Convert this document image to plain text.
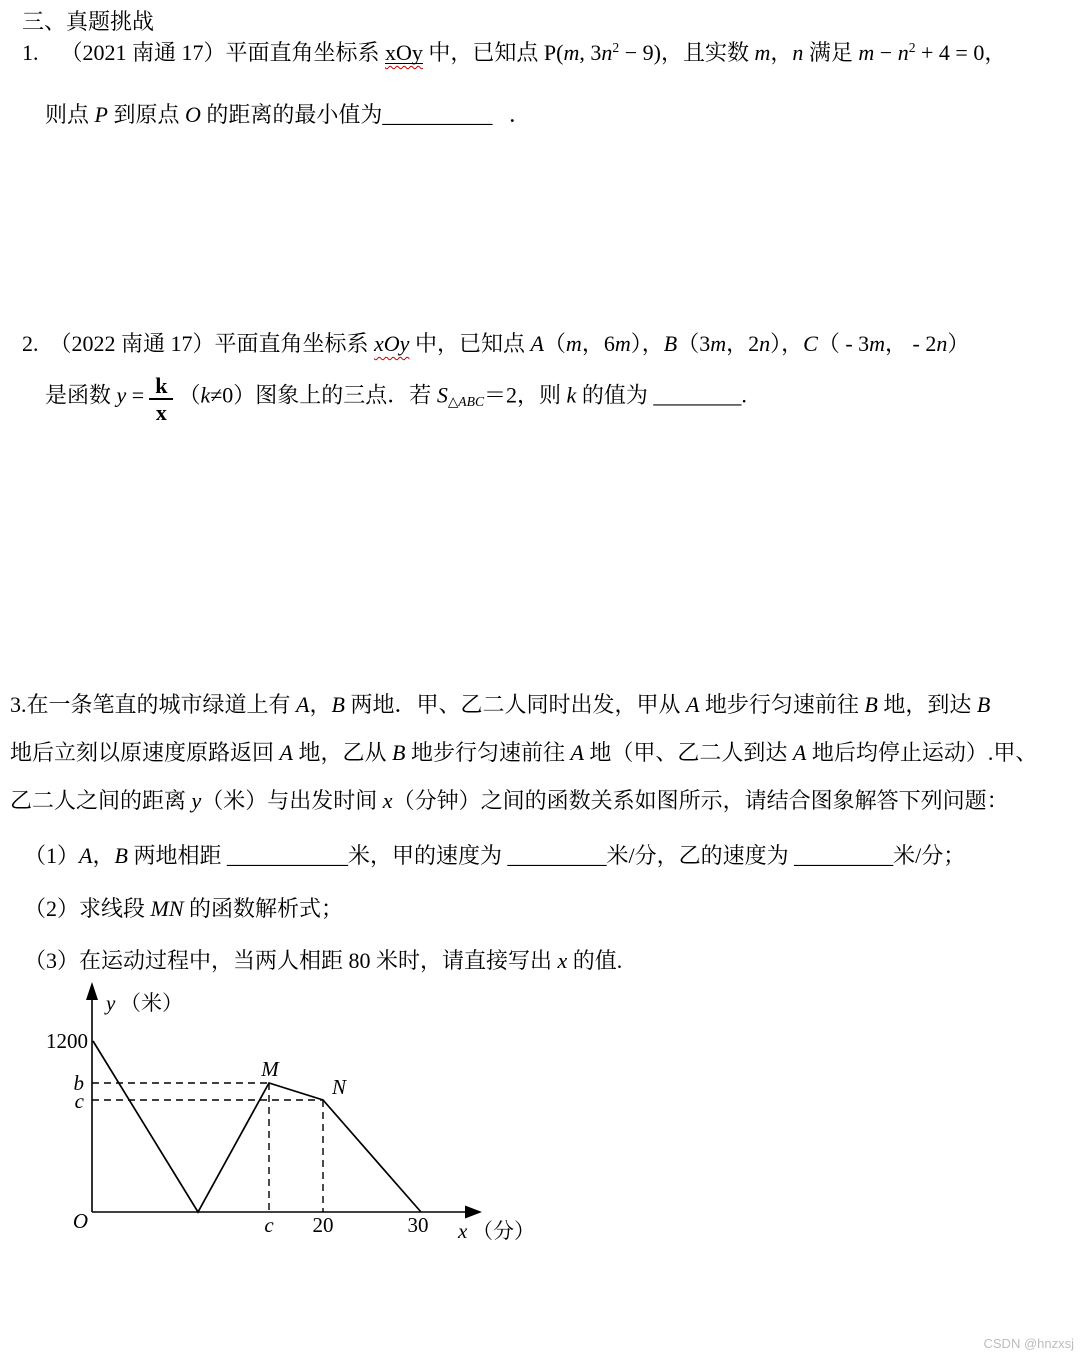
三、真题挑战
1.    （2021 南通 17）平面直角坐标系 xOy 中，已知点 P(m, $3n^2 - 9$)，且实数 m，n 满足 $m - n^2 + 4 = 0$，
则点 P 到原点 O 的距离的最小值为__________   ．
2.  （2022 南通 17）平面直角坐标系 xOy 中，已知点 A（m，6m），B（3m，2n），C（ - 3m， - 2n）
是函数 $y = \frac{k}{x} (k\ne 0)$图象上的三点．若 S△ABC＝2，则 k 的值为 ________.
3.在一条笔直的城市绿道上有 A，B 两地．甲、乙二人同时出发，甲从 A 地步行匀速前往 B 地，到达 B
地后立刻以原速度原路返回 A 地，乙从 B 地步行匀速前往 A 地（甲、乙二人到达 A 地后均停止运动）.甲、
乙二人之间的距离 y（米）与出发时间 x（分钟）之间的函数关系如图所示，请结合图象解答下列问题：
（1）A，B 两地相距 ___________米，甲的速度为 _________米/分，乙的速度为 _________米/分；
（2）求线段 MN 的函数解析式；
（3）在运动过程中，当两人相距 80 米时，请直接写出 x 的值.
y （米）
1200
b
c
O	c 20	30 x （分）
M
N
CSDN @hnzxsj
